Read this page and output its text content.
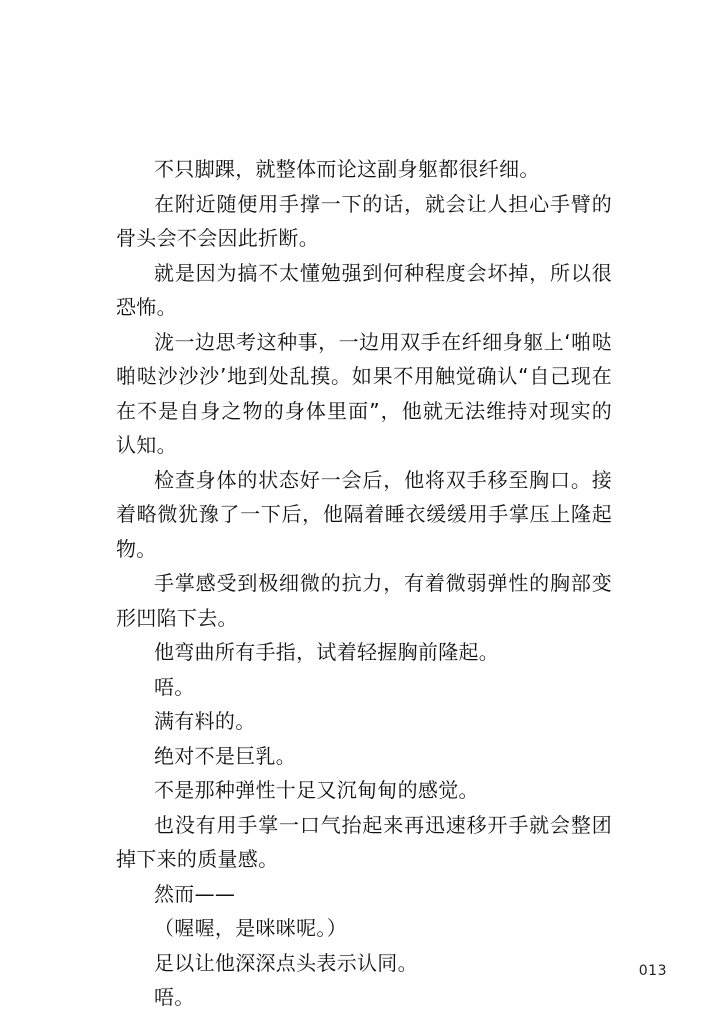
不只脚踝，就整体而论这副身躯都很纤细。

在附近随便用手撑一下的话，就会让人担心手臂的骨头会不会因此折断。

就是因为搞不太懂勉强到何种程度会坏掉，所以很恐怖。

泷一边思考这种事，一边用双手在纤细身躯上‘啪哒啪哒沙沙沙’地到处乱摸。如果不用触觉确认“自己现在在不是自身之物的身体里面”，他就无法维持对现实的认知。

检查身体的状态好一会后，他将双手移至胸口。接着略微犹豫了一下后，他隔着睡衣缓缓用手掌压上隆起物。

手掌感受到极细微的抗力，有着微弱弹性的胸部变形凹陷下去。

他弯曲所有手指，试着轻握胸前隆起。

唔。

满有料的。

绝对不是巨乳。

不是那种弹性十足又沉甸甸的感觉。

也没有用手掌一口气抬起来再迅速移开手就会整团掉下来的质量感。

然而——

（喔喔，是咪咪呢。）

足以让他深深点头表示认同。

唔。

013
